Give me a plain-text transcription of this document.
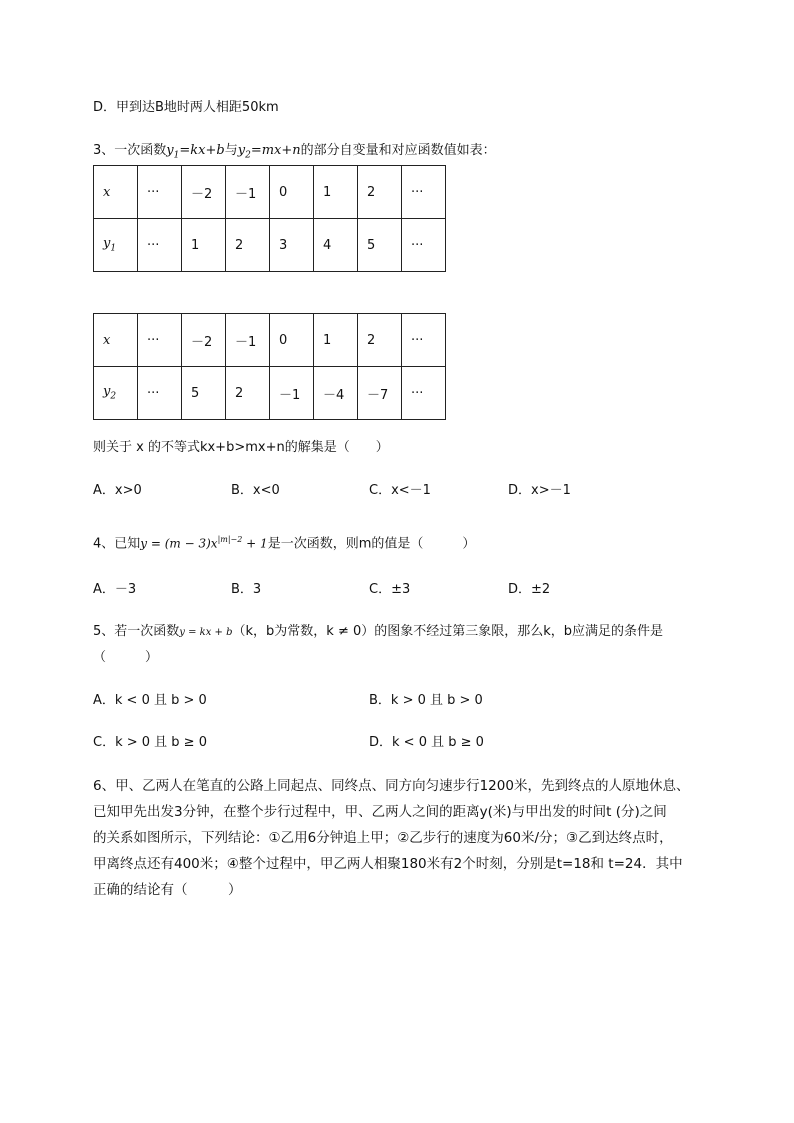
D．甲到达B地时两人相距50km
3、一次函数$y_1=kx+b$与$y_2=mx+n$的部分自变量和对应函数值如表：
x	···	－2	－1	0	1	2	···
$y_1$	···	1	2	3	4	5	···
x	···	－2	－1	0	1	2	···
$y_2$	···	5	2	－1	－4	－7	···
则关于 x 的不等式kx+b>mx+n的解集是（　　）
A．x>0	B．x<0	C．x<－1	D．x>－1
4、已知$y = (m - 3)x^{|m|-2} + 1$是一次函数，则m的值是（　　　）
A．－3	B．3	C．±3	D．±2
5、若一次函数y = kx + b（k，b为常数，k ≠ 0）的图象不经过第三象限，那么k，b应满足的条件是
（　　　）
A．k < 0 且 b > 0	B．k > 0 且 b > 0
C．k > 0 且 b ≥ 0	D．k < 0 且 b ≥ 0
6、甲、乙两人在笔直的公路上同起点、同终点、同方向匀速步行1200米，先到终点的人原地休息、
已知甲先出发3分钟，在整个步行过程中，甲、乙两人之间的距离y(米)与甲出发的时间t (分)之间
的关系如图所示，下列结论：①乙用6分钟追上甲；②乙步行的速度为60米/分；③乙到达终点时，
甲离终点还有400米；④整个过程中，甲乙两人相聚180米有2个时刻，分别是t=18和 t=24．其中
正确的结论有（　　　）
